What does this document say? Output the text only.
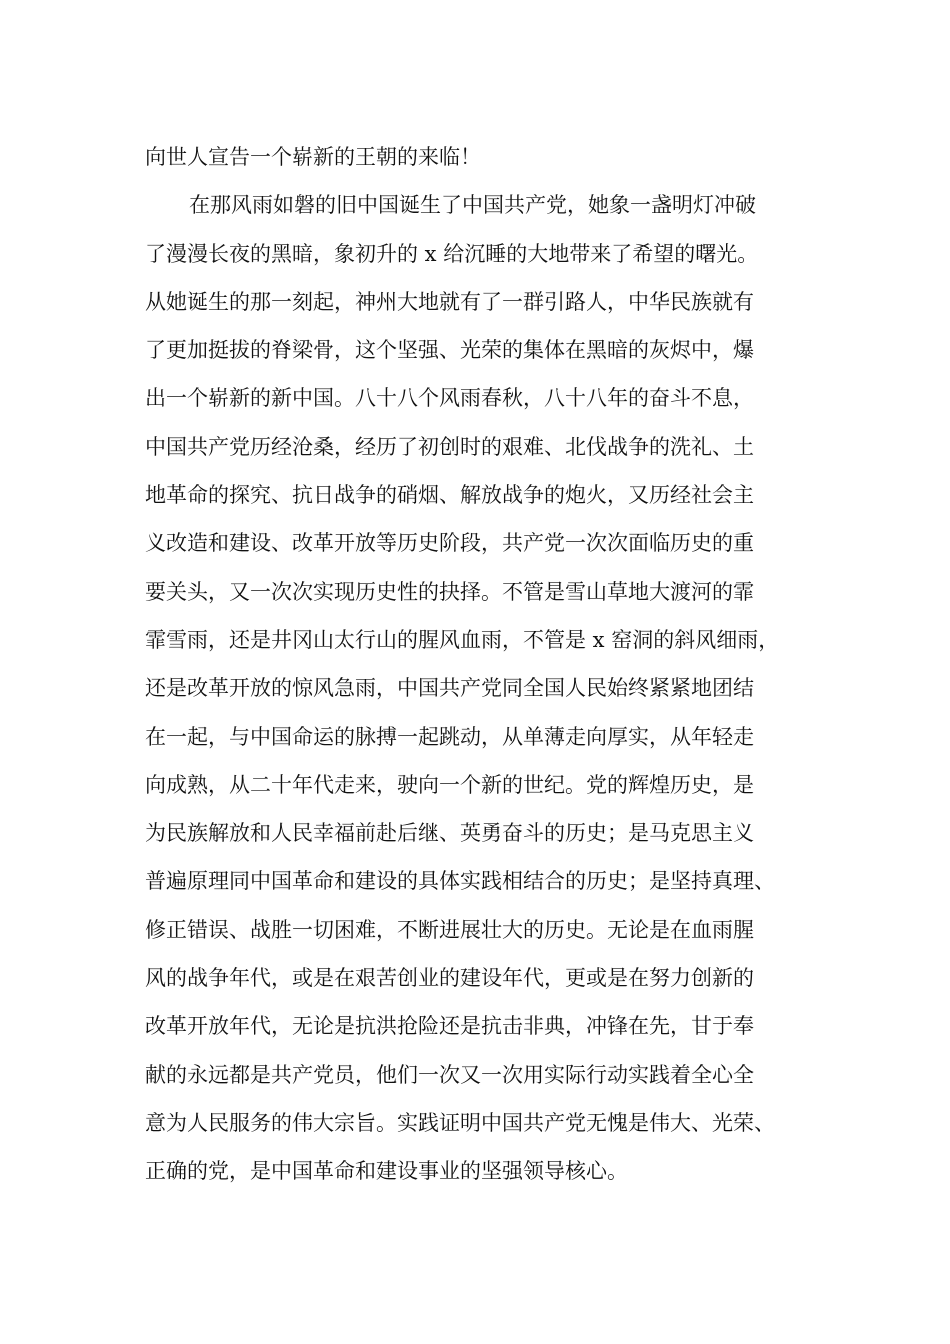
向世人宣告一个崭新的王朝的来临！
在那风雨如磐的旧中国诞生了中国共产党，她象一盏明灯冲破
了漫漫长夜的黑暗，象初升的 x 给沉睡的大地带来了希望的曙光。
从她诞生的那一刻起，神州大地就有了一群引路人，中华民族就有
了更加挺拔的脊梁骨，这个坚强、光荣的集体在黑暗的灰烬中，爆
出一个崭新的新中国。八十八个风雨春秋，八十八年的奋斗不息，
中国共产党历经沧桑，经历了初创时的艰难、北伐战争的洗礼、土
地革命的探究、抗日战争的硝烟、解放战争的炮火，又历经社会主
义改造和建设、改革开放等历史阶段，共产党一次次面临历史的重
要关头，又一次次实现历史性的抉择。不管是雪山草地大渡河的霏
霏雪雨，还是井冈山太行山的腥风血雨，不管是 x 窑洞的斜风细雨，
还是改革开放的惊风急雨，中国共产党同全国人民始终紧紧地团结
在一起，与中国命运的脉搏一起跳动，从单薄走向厚实，从年轻走
向成熟，从二十年代走来，驶向一个新的世纪。党的辉煌历史，是
为民族解放和人民幸福前赴后继、英勇奋斗的历史；是马克思主义
普遍原理同中国革命和建设的具体实践相结合的历史；是坚持真理、
修正错误、战胜一切困难，不断进展壮大的历史。无论是在血雨腥
风的战争年代，或是在艰苦创业的建设年代，更或是在努力创新的
改革开放年代，无论是抗洪抢险还是抗击非典，冲锋在先，甘于奉
献的永远都是共产党员，他们一次又一次用实际行动实践着全心全
意为人民服务的伟大宗旨。实践证明中国共产党无愧是伟大、光荣、
正确的党，是中国革命和建设事业的坚强领导核心。
